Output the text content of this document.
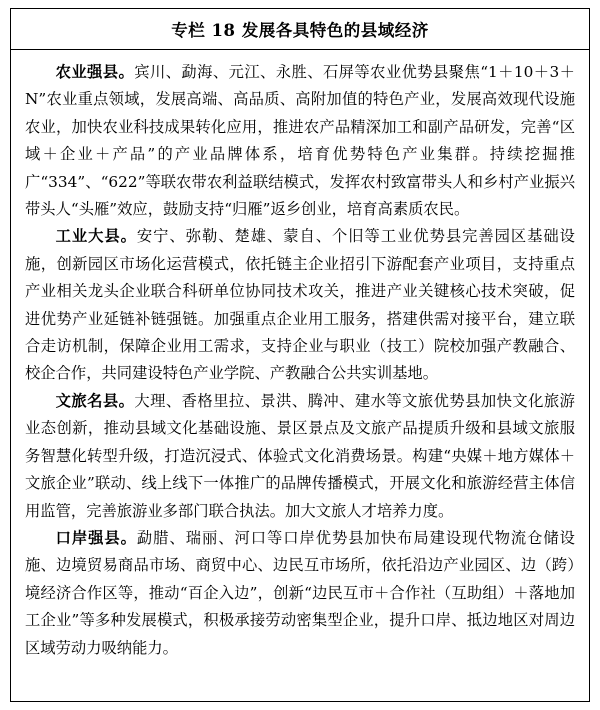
专栏 18 发展各具特色的县域经济

农业强县。宾川、勐海、元江、永胜、石屏等农业优势县聚焦“1＋10＋3＋N”农业重点领域，发展高端、高品质、高附加值的特色产业，发展高效现代设施农业，加快农业科技成果转化应用，推进农产品精深加工和副产品研发，完善“区域＋企业＋产品”的产业品牌体系，培育优势特色产业集群。持续挖掘推广“334”、“622”等联农带农利益联结模式，发挥农村致富带头人和乡村产业振兴带头人“头雁”效应，鼓励支持“归雁”返乡创业，培育高素质农民。

工业大县。安宁、弥勒、楚雄、蒙自、个旧等工业优势县完善园区基础设施，创新园区市场化运营模式，依托链主企业招引下游配套产业项目，支持重点产业相关龙头企业联合科研单位协同技术攻关，推进产业关键核心技术突破，促进优势产业延链补链强链。加强重点企业用工服务，搭建供需对接平台，建立联合走访机制，保障企业用工需求，支持企业与职业（技工）院校加强产教融合、校企合作，共同建设特色产业学院、产教融合公共实训基地。

文旅名县。大理、香格里拉、景洪、腾冲、建水等文旅优势县加快文化旅游业态创新，推动县域文化基础设施、景区景点及文旅产品提质升级和县域文旅服务智慧化转型升级，打造沉浸式、体验式文化消费场景。构建“央媒＋地方媒体＋文旅企业”联动、线上线下一体推广的品牌传播模式，开展文化和旅游经营主体信用监管，完善旅游业多部门联合执法。加大文旅人才培养力度。

口岸强县。勐腊、瑞丽、河口等口岸优势县加快布局建设现代物流仓储设施、边境贸易商品市场、商贸中心、边民互市场所，依托沿边产业园区、边（跨）境经济合作区等，推动“百企入边”，创新“边民互市＋合作社（互助组）＋落地加工企业”等多种发展模式，积极承接劳动密集型企业，提升口岸、抵边地区对周边区域劳动力吸纳能力。
